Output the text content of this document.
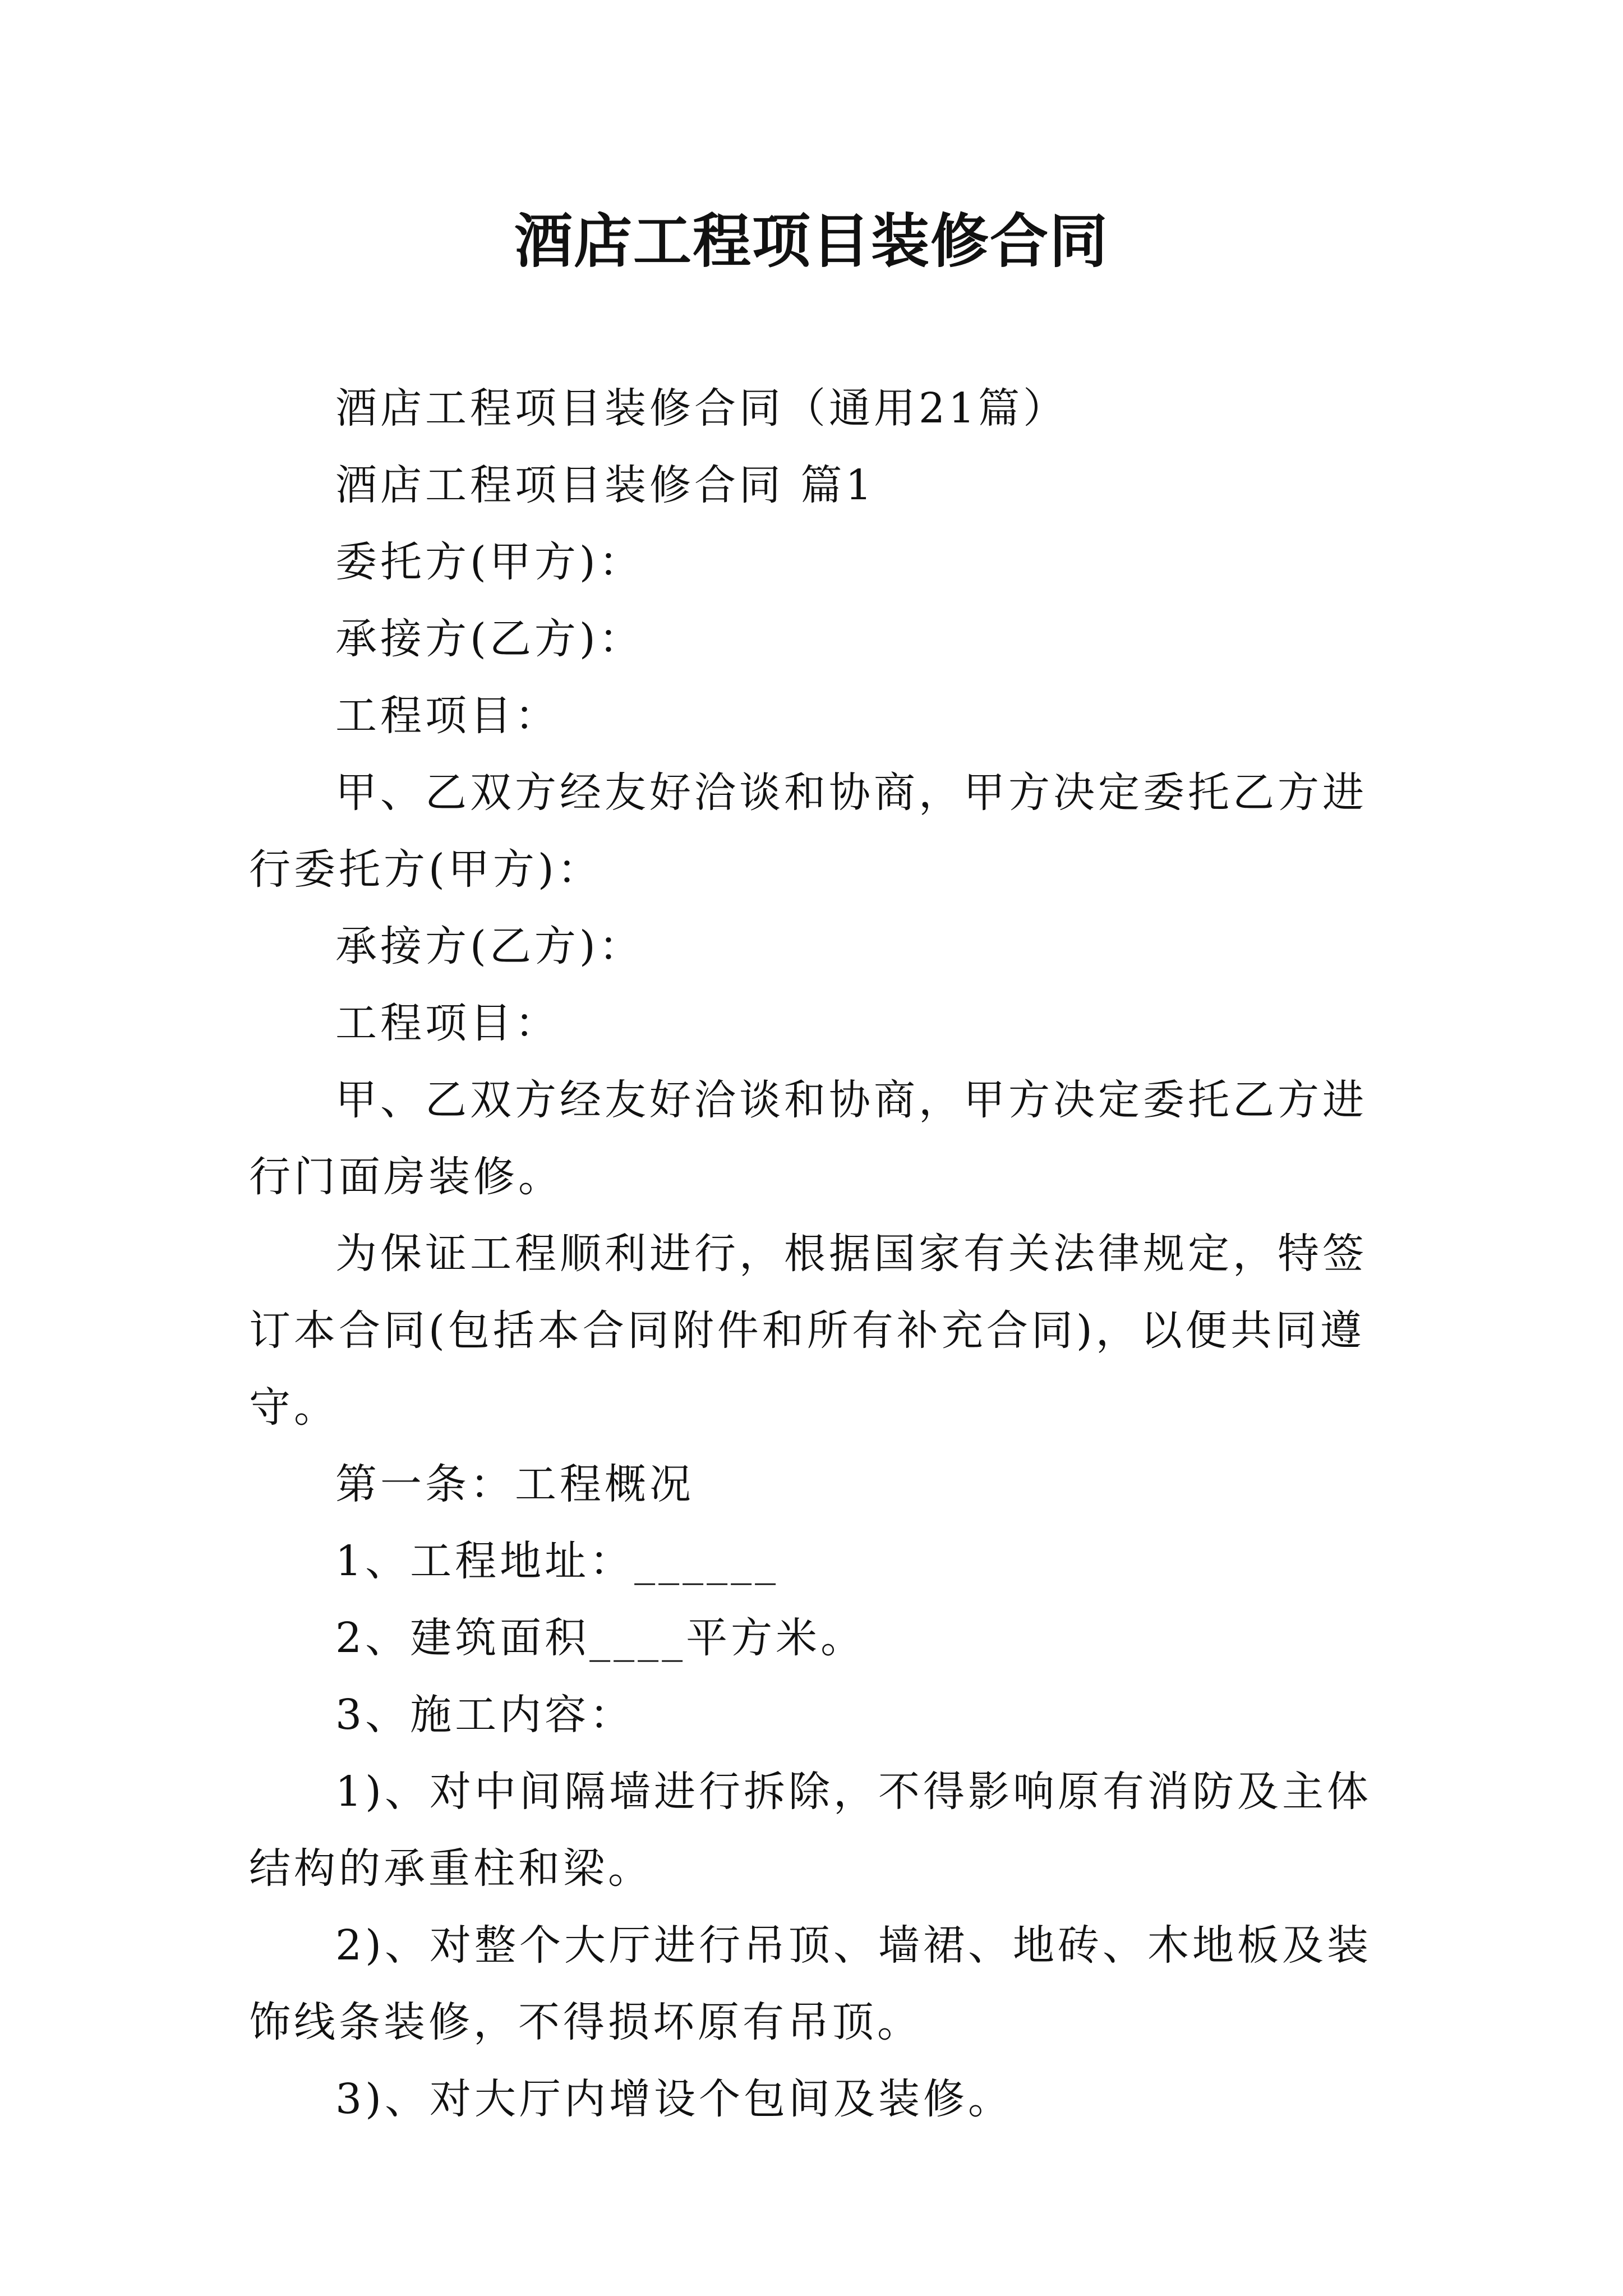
酒店工程项目装修合同

酒店工程项目装修合同（通用21篇）

酒店工程项目装修合同 篇1

委托方(甲方)：

承接方(乙方)：

工程项目：

甲、乙双方经友好洽谈和协商，甲方决定委托乙方进行委托方(甲方)：

承接方(乙方)：

工程项目：

甲、乙双方经友好洽谈和协商，甲方决定委托乙方进行门面房装修。

为保证工程顺利进行，根据国家有关法律规定，特签订本合同(包括本合同附件和所有补充合同)，以便共同遵守。

第一条：工程概况

1、工程地址：______

2、建筑面积____平方米。

3、施工内容：

1)、对中间隔墙进行拆除，不得影响原有消防及主体结构的承重柱和梁。

2)、对整个大厅进行吊顶、墙裙、地砖、木地板及装饰线条装修，不得损坏原有吊顶。

3)、对大厅内增设个包间及装修。
